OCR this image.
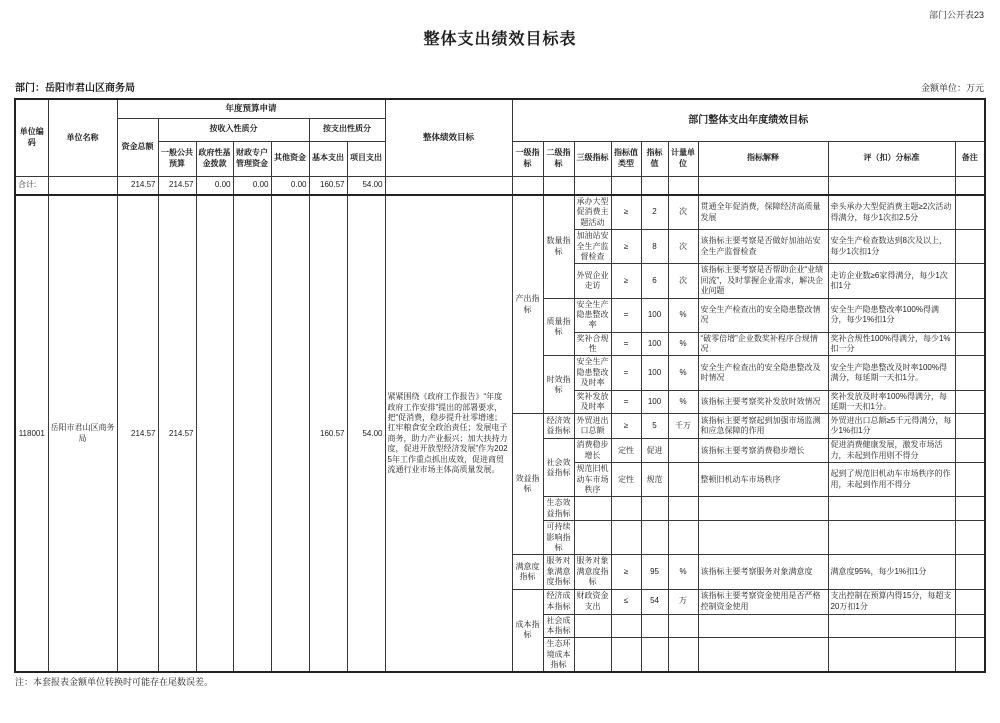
部门公开表23
整体支出绩效目标表
部门：岳阳市君山区商务局	金额单位：万元
单位编码	单位名称	年度预算申请							整体绩效目标	部门整体支出年度绩效目标								
		资金总额	按收入性质分				按支出性质分											
			一般公共预算	政府性基金拨款	财政专户管理资金	其他资金	基本支出	项目支出		一级指标	二级指标	三级指标	指标值类型	指标值	计量单位	指标解释	评（扣）分标准	备注
合计:		214.57	214.57	0.00	0.00	0.00	160.57	54.00										
118001	岳阳市君山区商务局	214.57	214.57				160.57	54.00	紧紧围绕《政府工作报告》“年度政府工作安排”提出的部署要求，把“促消费，稳步提升社零增速；扛牢粮食安全政治责任；发展电子商务，助力产业振兴；加大扶持力度，促进开放型经济发展”作为2025年工作重点抓出成效，促进商贸流通行业市场主体高质量发展。	产出指标	数量指标	承办大型促消费主题活动	≥	2	次	贯通全年促消费，保障经济高质量发展	牵头承办大型促消费主题≥2次活动得满分，每少1次扣2.5分	
												加油站安全生产监督检查	≥	8	次	该指标主要考察是否做好加油站安全生产监督检查	安全生产检查数达到8次及以上，每少1次扣1分	
												外贸企业走访	≥	6	次	该指标主要考察是否帮助企业“业绩回流”，及时掌握企业需求，解决企业问题	走访企业数≥6家得满分，每少1次扣1分	
											质量指标	安全生产隐患整改率	=	100	%	安全生产检查出的安全隐患整改情况	安全生产隐患整改率100%得满分，每少1%扣1分	
												奖补合规性	=	100	%	“破零倍增”企业数奖补程序合规情况	奖补合规性100%得满分，每少1%扣一分	
											时效指标	安全生产隐患整改及时率	=	100	%	安全生产检查出的安全隐患整改及时情况	安全生产隐患整改及时率100%得满分，每延期一天扣1分。	
												奖补发放及时率	=	100	%	该指标主要考察奖补发放时效情况	奖补发放及时率100%得满分，每延期一天扣1分。	
										效益指标	经济效益指标	外贸进出口总额	≥	5	千万	该指标主要考察起到加强市场监测和应急保障的作用	外贸进出口总额≥5千元得满分，每少1%扣1分	
											社会效益指标	消费稳步增长	定性	促进		该指标主要考察消费稳步增长	促进消费健康发展，激发市场活力，未起到作用则不得分	
												规范旧机动车市场秩序	定性	规范		整顿旧机动车市场秩序	起到了规范旧机动车市场秩序的作用，未起到作用不得分	
											生态效益指标							
											可持续影响指标							
										满意度指标	服务对象满意度指标	服务对象满意度指标	≥	95	%	该指标主要考察服务对象满意度	满意度95%，每少1%扣1分	
										成本指标	经济成本指标	财政资金支出	≤	54	万	该指标主要考察资金使用是否严格控制资金使用	支出控制在预算内得15分，每超支20万扣1分	
											社会成本指标							
											生态环境成本指标							
注：本套报表金额单位转换时可能存在尾数误差。
